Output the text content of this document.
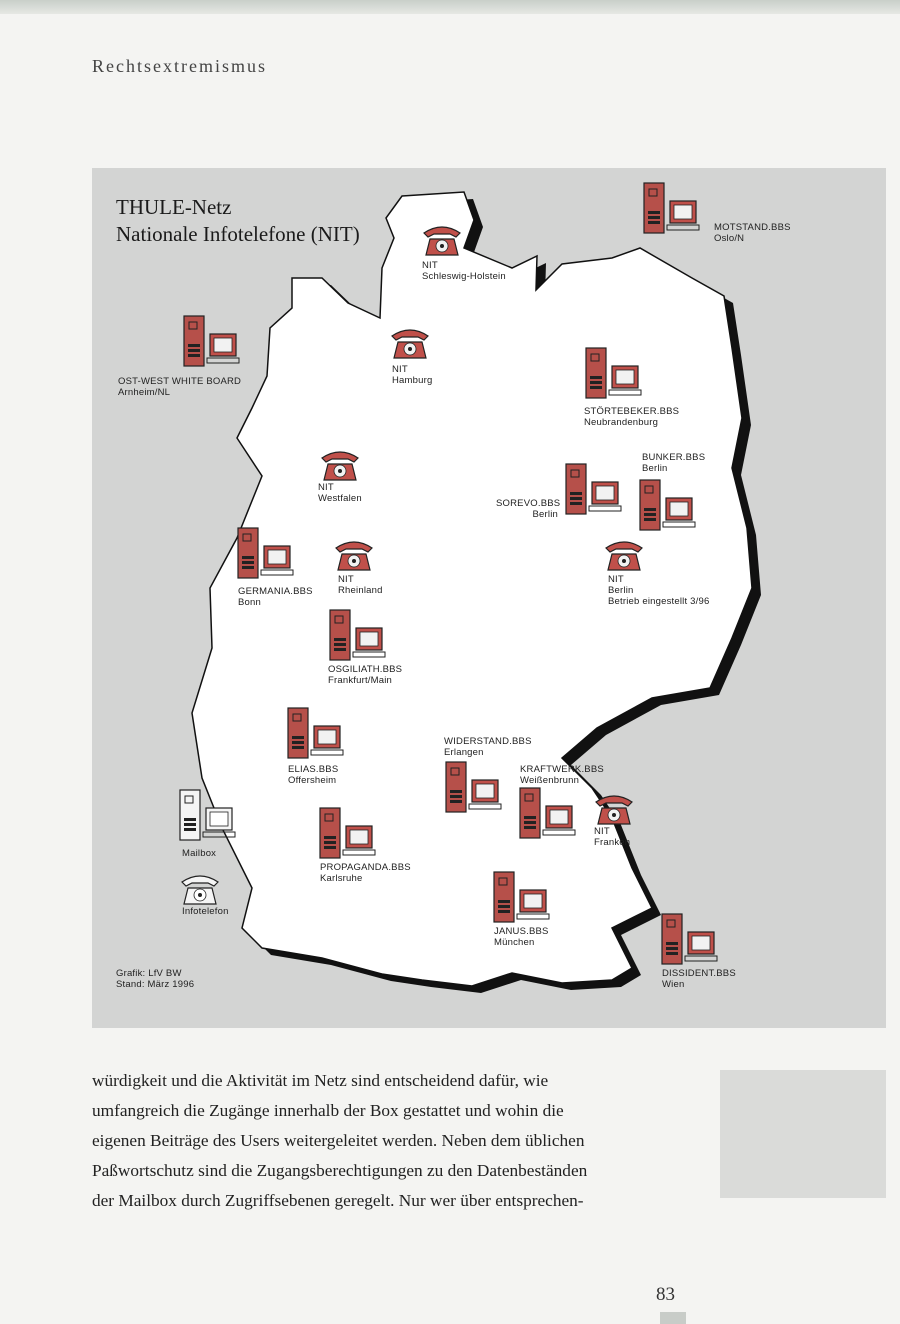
Rechtsextremismus
THULE-Netz
Nationale Infotelefone (NIT)
NIT
Schleswig-Holstein
NIT
Hamburg
MOTSTAND.BBS
Oslo/N
OST-WEST WHITE BOARD
Arnheim/NL
STÖRTEBEKER.BBS
Neubrandenburg
BUNKER.BBS
Berlin
SOREVO.BBS
Berlin
NIT
Westfalen
GERMANIA.BBS
Bonn
NIT
Rheinland
NIT
Berlin
Betrieb eingestellt 3/96
OSGILIATH.BBS
Frankfurt/Main
ELIAS.BBS
Offersheim
WIDERSTAND.BBS
Erlangen
KRAFTWERK.BBS
Weißenbrunn
NIT
Franken
PROPAGANDA.BBS
Karlsruhe
JANUS.BBS
München
DISSIDENT.BBS
Wien
Mailbox
Infotelefon
Grafik: LfV BW
Stand: März 1996

würdigkeit und die Aktivität im Netz sind entscheidend dafür, wie

umfangreich die Zugänge innerhalb der Box gestattet und wohin die

eigenen Beiträge des Users weitergeleitet werden. Neben dem üblichen

Paßwortschutz sind die Zugangsberechtigungen zu den Datenbeständen

der Mailbox durch Zugriffsebenen geregelt. Nur wer über entsprechen-

83
